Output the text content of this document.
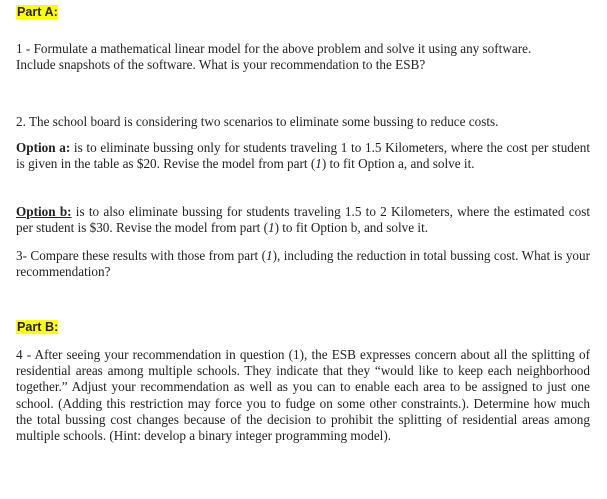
Part A:

1 - Formulate a mathematical linear model for the above problem and solve it using any software.
Include snapshots of the software. What is your recommendation to the ESB?

2. The school board is considering two scenarios to eliminate some bussing to reduce costs.

Option a: is to eliminate bussing only for students traveling 1 to 1.5 Kilometers, where the cost per student is given in the table as $20. Revise the model from part (1) to fit Option a, and solve it.

Option b: is to also eliminate bussing for students traveling 1.5 to 2 Kilometers, where the estimated cost per student is $30. Revise the model from part (1) to fit Option b, and solve it.

3- Compare these results with those from part (1), including the reduction in total bussing cost. What is your recommendation?

Part B:

4 - After seeing your recommendation in question (1), the ESB expresses concern about all the splitting of residential areas among multiple schools. They indicate that they “would like to keep each neighborhood together.” Adjust your recommendation as well as you can to enable each area to be assigned to just one school. (Adding this restriction may force you to fudge on some other constraints.). Determine how much the total bussing cost changes because of the decision to prohibit the splitting of residential areas among multiple schools. (Hint: develop a binary integer programming model).
